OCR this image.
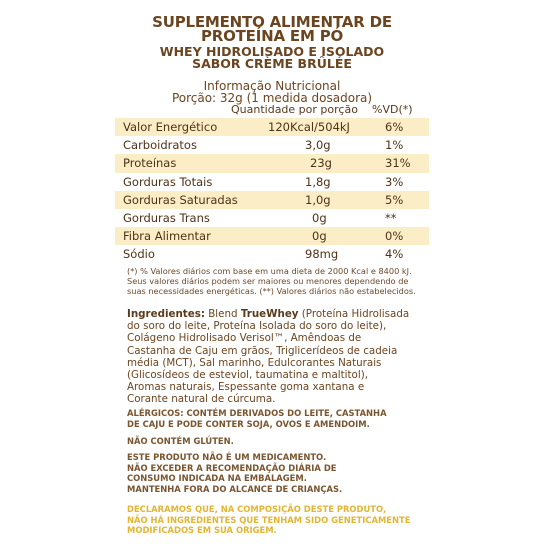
SUPLEMENTO ALIMENTAR DE
PROTEÍNA EM PÓ
WHEY HIDROLISADO E ISOLADO
SABOR CRÈME BRÛLÉE
Informação Nutricional
Porção: 32g (1 medida dosadora)
Quantidade por porção %VD(*)
Valor Energético	120Kcal/504kJ	6%
Carboidratos	3,0g	1%
Proteínas	23g	31%
Gorduras Totais	1,8g	3%
Gorduras Saturadas	1,0g	5%
Gorduras Trans	0g	**
Fibra Alimentar	0g	0%
Sódio	98mg	4%
(*) % Valores diários com base em uma dieta de 2000 Kcal e 8400 kJ.
Seus valores diários podem ser maiores ou menores dependendo de
suas necessidades energéticas. (**) Valores diários não estabelecidos.
Ingredientes: Blend TrueWhey (Proteína Hidrolisada
do soro do leite, Proteína Isolada do soro do leite),
Colágeno Hidrolisado Verisol™, Amêndoas de
Castanha de Caju em grãos, Triglicerídeos de cadeia
média (MCT), Sal marinho, Edulcorantes Naturais
(Glicosídeos de esteviol, taumatina e maltitol),
Aromas naturais, Espessante goma xantana e
Corante natural de cúrcuma.
ALÉRGICOS: CONTÉM DERIVADOS DO LEITE, CASTANHA
DE CAJU E PODE CONTER SOJA, OVOS E AMENDOIM.
NÃO CONTÉM GLÚTEN.
ESTE PRODUTO NÃO É UM MEDICAMENTO.
NÃO EXCEDER A RECOMENDAÇÃO DIÁRIA DE
CONSUMO INDICADA NA EMBALAGEM.
MANTENHA FORA DO ALCANCE DE CRIANÇAS.
DECLARAMOS QUE, NA COMPOSIÇÃO DESTE PRODUTO,
NÃO HÁ INGREDIENTES QUE TENHAM SIDO GENETICAMENTE
MODIFICADOS EM SUA ORIGEM.
